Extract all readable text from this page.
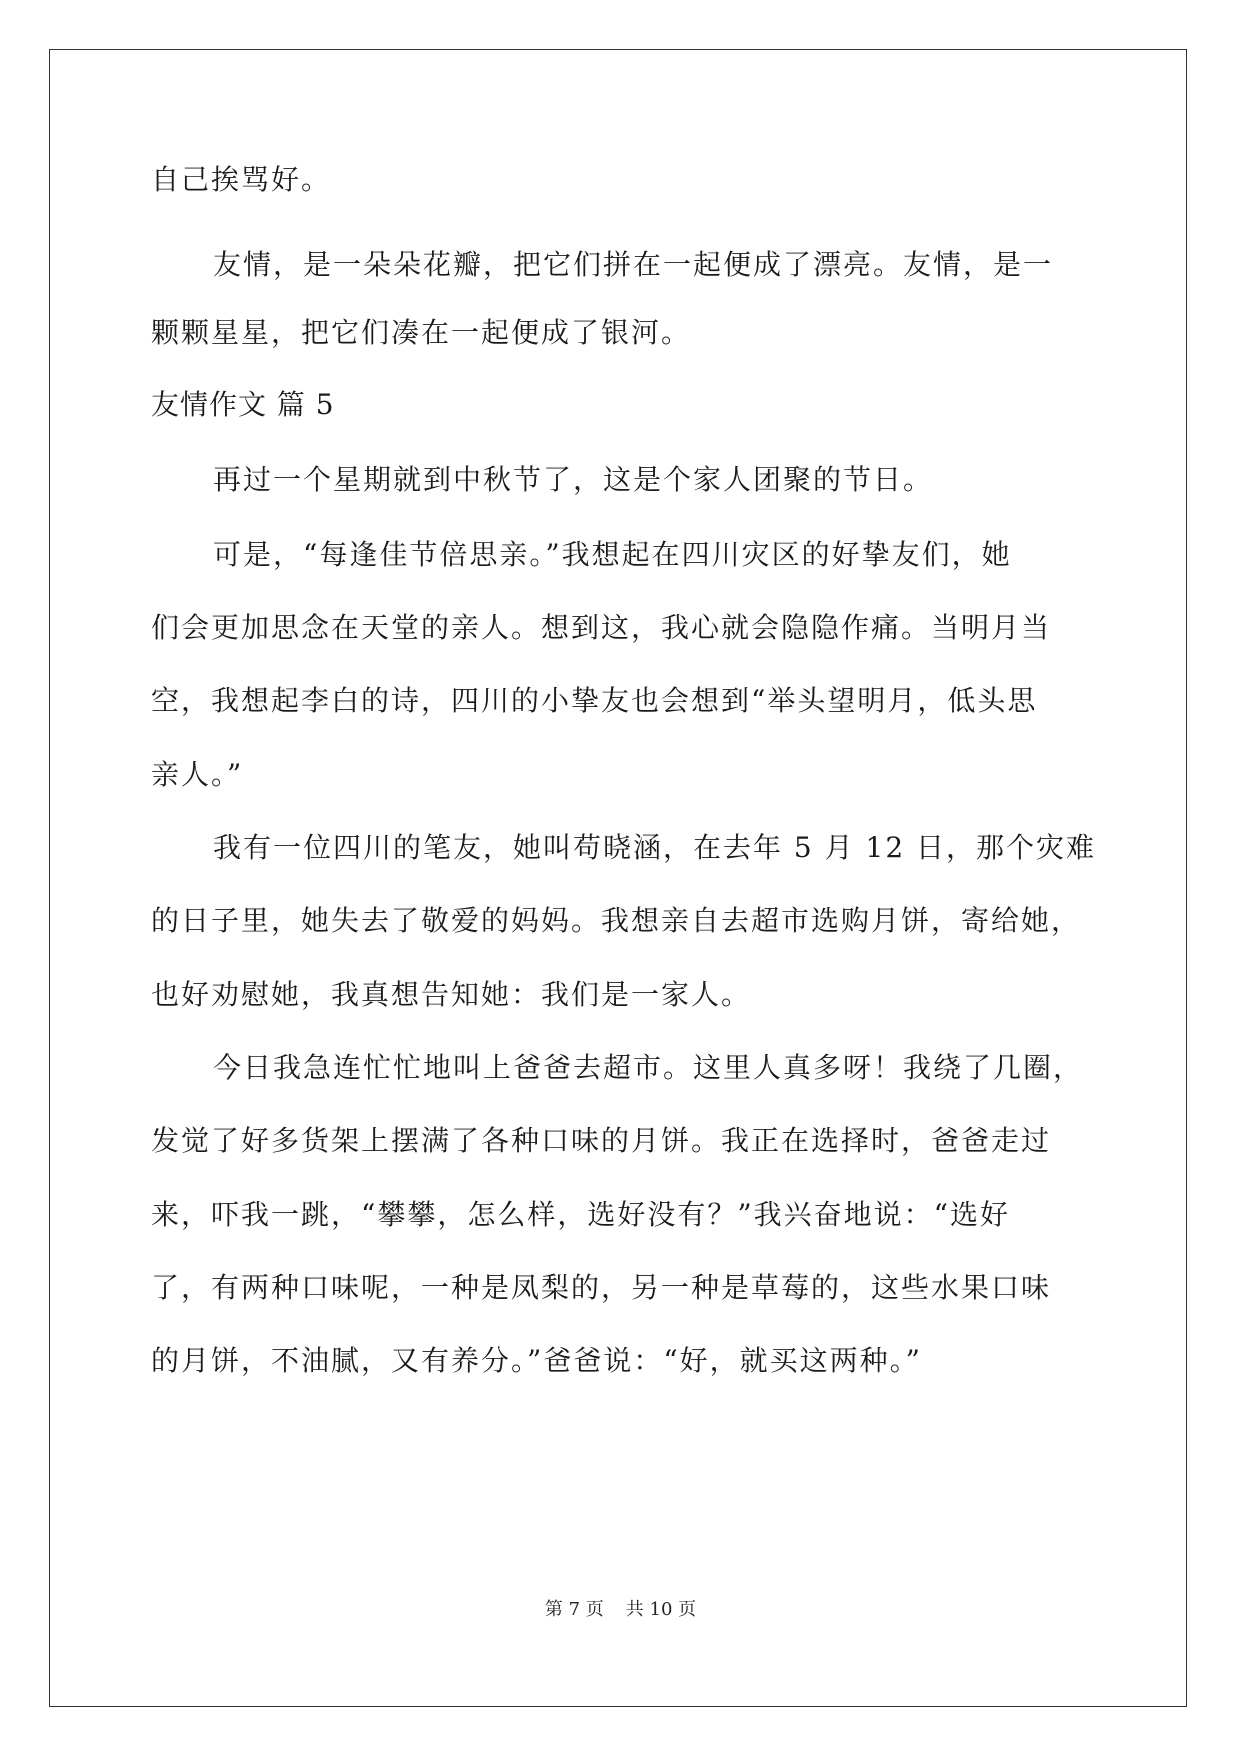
自己挨骂好。
友情，是一朵朵花瓣，把它们拼在一起便成了漂亮。友情，是一
颗颗星星，把它们凑在一起便成了银河。
友情作文 篇 5
再过一个星期就到中秋节了，这是个家人团聚的节日。
可是，“每逢佳节倍思亲。”我想起在四川灾区的好挚友们，她
们会更加思念在天堂的亲人。想到这，我心就会隐隐作痛。当明月当
空，我想起李白的诗，四川的小挚友也会想到“举头望明月，低头思
亲人。”
我有一位四川的笔友，她叫苟晓涵，在去年 5 月 12 日，那个灾难
的日子里，她失去了敬爱的妈妈。我想亲自去超市选购月饼，寄给她，
也好劝慰她，我真想告知她：我们是一家人。
今日我急连忙忙地叫上爸爸去超市。这里人真多呀！我绕了几圈，
发觉了好多货架上摆满了各种口味的月饼。我正在选择时，爸爸走过
来，吓我一跳，“攀攀，怎么样，选好没有？”我兴奋地说：“选好
了，有两种口味呢，一种是凤梨的，另一种是草莓的，这些水果口味
的月饼，不油腻，又有养分。”爸爸说：“好，就买这两种。”
第 7 页 共 10 页
